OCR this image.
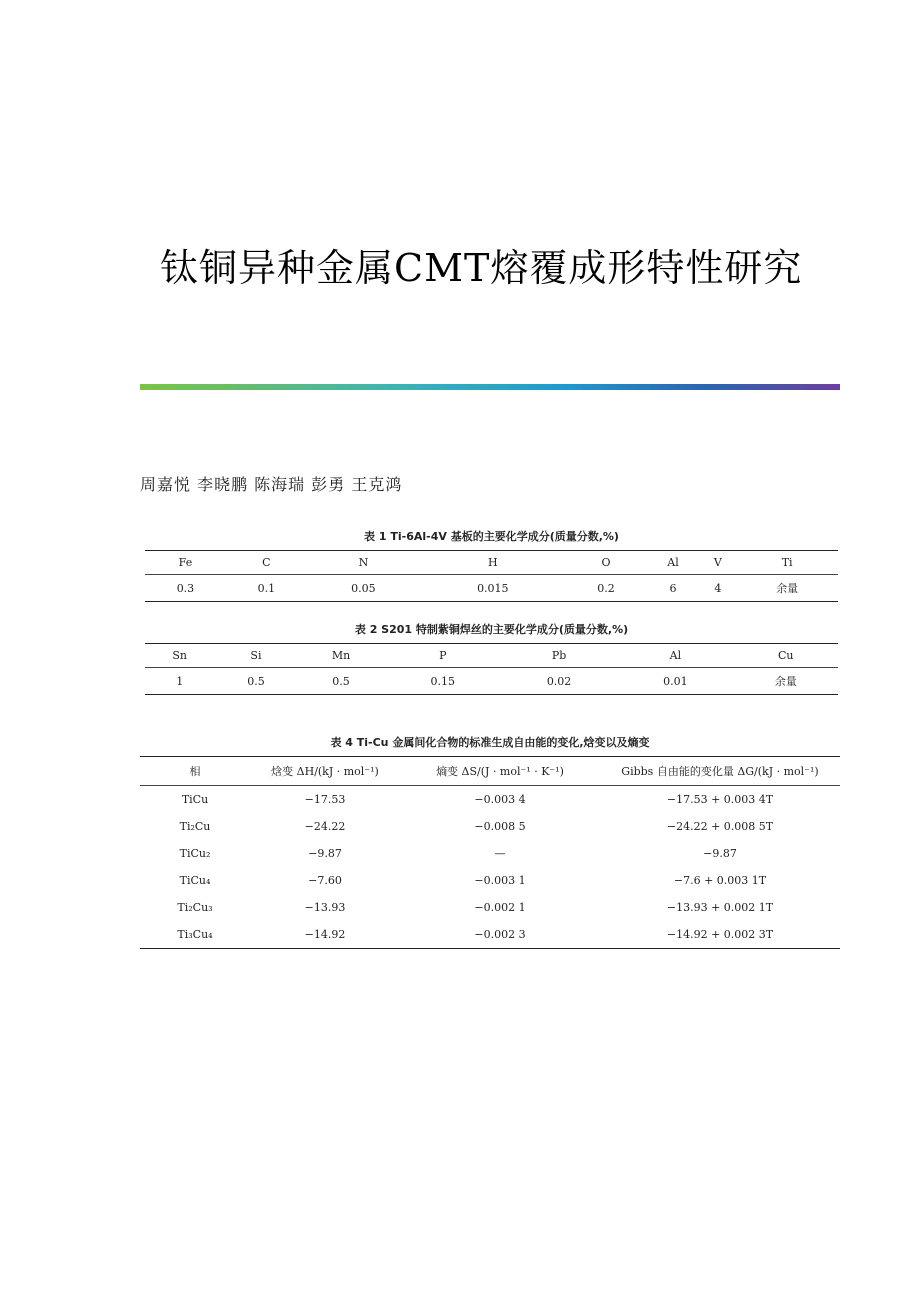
钛铜异种金属CMT熔覆成形特性研究
周嘉悦 李晓鹏 陈海瑞 彭勇 王克鸿
表 1 Ti-6Al-4V 基板的主要化学成分(质量分数,%)
Fe	C	N	H	O	Al	V	Ti
0.3	0.1	0.05	0.015	0.2	6	4	余量
表 2 S201 特制紫铜焊丝的主要化学成分(质量分数,%)
Sn	Si	Mn	P	Pb	Al	Cu
1	0.5	0.5	0.15	0.02	0.01	余量
表 4 Ti-Cu 金属间化合物的标准生成自由能的变化,焓变以及熵变
相	焓变 ΔH/(kJ · mol⁻¹)	熵变 ΔS/(J · mol⁻¹ · K⁻¹)	Gibbs 自由能的变化量 ΔG/(kJ · mol⁻¹)
TiCu	−17.53	−0.003 4	−17.53 + 0.003 4T
Ti₂Cu	−24.22	−0.008 5	−24.22 + 0.008 5T
TiCu₂	−9.87	—	−9.87
TiCu₄	−7.60	−0.003 1	−7.6 + 0.003 1T
Ti₂Cu₃	−13.93	−0.002 1	−13.93 + 0.002 1T
Ti₃Cu₄	−14.92	−0.002 3	−14.92 + 0.002 3T
